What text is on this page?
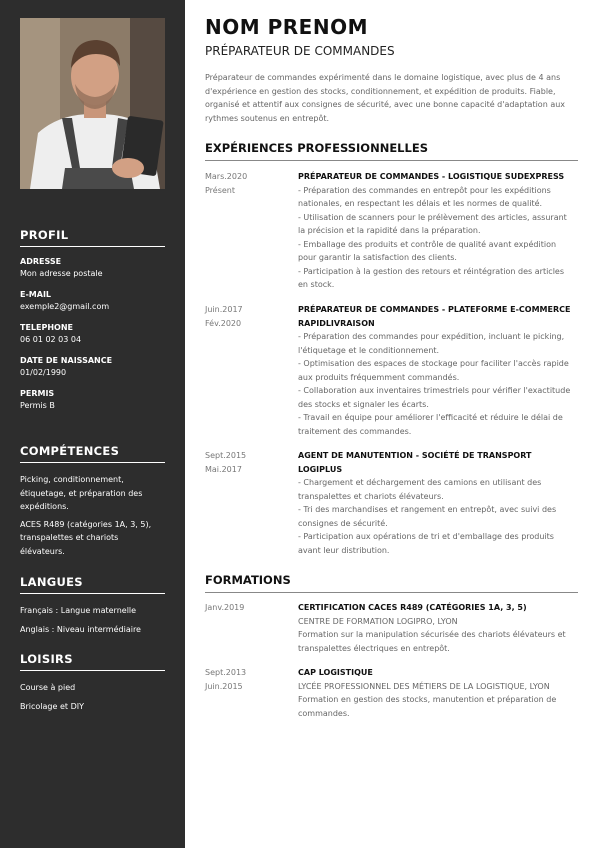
PROFIL
ADRESSE
Mon adresse postale
E-MAIL
exemple2@gmail.com
TELEPHONE
06 01 02 03 04
DATE DE NAISSANCE
01/02/1990
PERMIS
Permis B
COMPÉTENCES
Picking, conditionnement, étiquetage, et préparation des expéditions.
ACES R489 (catégories 1A, 3, 5), transpalettes et chariots élévateurs.
LANGUES
Français : Langue maternelle
Anglais : Niveau intermédiaire
LOISIRS
Course à pied
Bricolage et DIY
NOM PRENOM
PRÉPARATEUR DE COMMANDES
Préparateur de commandes expérimenté dans le domaine logistique, avec plus de 4 ans d'expérience en gestion des stocks, conditionnement, et expédition de produits. Fiable, organisé et attentif aux consignes de sécurité, avec une bonne capacité d'adaptation aux rythmes soutenus en entrepôt.
EXPÉRIENCES PROFESSIONNELLES
Mars.2020
Présent
PRÉPARATEUR DE COMMANDES - LOGISTIQUE SUDEXPRESS
- Préparation des commandes en entrepôt pour les expéditions
nationales, en respectant les délais et les normes de qualité.
- Utilisation de scanners pour le prélèvement des articles, assurant
la précision et la rapidité dans la préparation.
- Emballage des produits et contrôle de qualité avant expédition
pour garantir la satisfaction des clients.
- Participation à la gestion des retours et réintégration des articles
en stock.
Juin.2017
Fév.2020
PRÉPARATEUR DE COMMANDES - PLATEFORME E-COMMERCE
RAPIDLIVRAISON
- Préparation des commandes pour expédition, incluant le picking,
l'étiquetage et le conditionnement.
- Optimisation des espaces de stockage pour faciliter l'accès rapide
aux produits fréquemment commandés.
- Collaboration aux inventaires trimestriels pour vérifier l'exactitude
des stocks et signaler les écarts.
- Travail en équipe pour améliorer l'efficacité et réduire le délai de
traitement des commandes.
Sept.2015
Mai.2017
AGENT DE MANUTENTION - SOCIÉTÉ DE TRANSPORT
LOGIPLUS
- Chargement et déchargement des camions en utilisant des
transpalettes et chariots élévateurs.
- Tri des marchandises et rangement en entrepôt, avec suivi des
consignes de sécurité.
- Participation aux opérations de tri et d'emballage des produits
avant leur distribution.
FORMATIONS
Janv.2019	CERTIFICATION CACES R489 (CATÉGORIES 1A, 3, 5)
CENTRE DE FORMATION LOGIPRO, LYON
Formation sur la manipulation sécurisée des chariots élévateurs et
transpalettes électriques en entrepôt.
Sept.2013
Juin.2015
CAP LOGISTIQUE
LYCÉE PROFESSIONNEL DES MÉTIERS DE LA LOGISTIQUE, LYON
Formation en gestion des stocks, manutention et préparation de
commandes.
